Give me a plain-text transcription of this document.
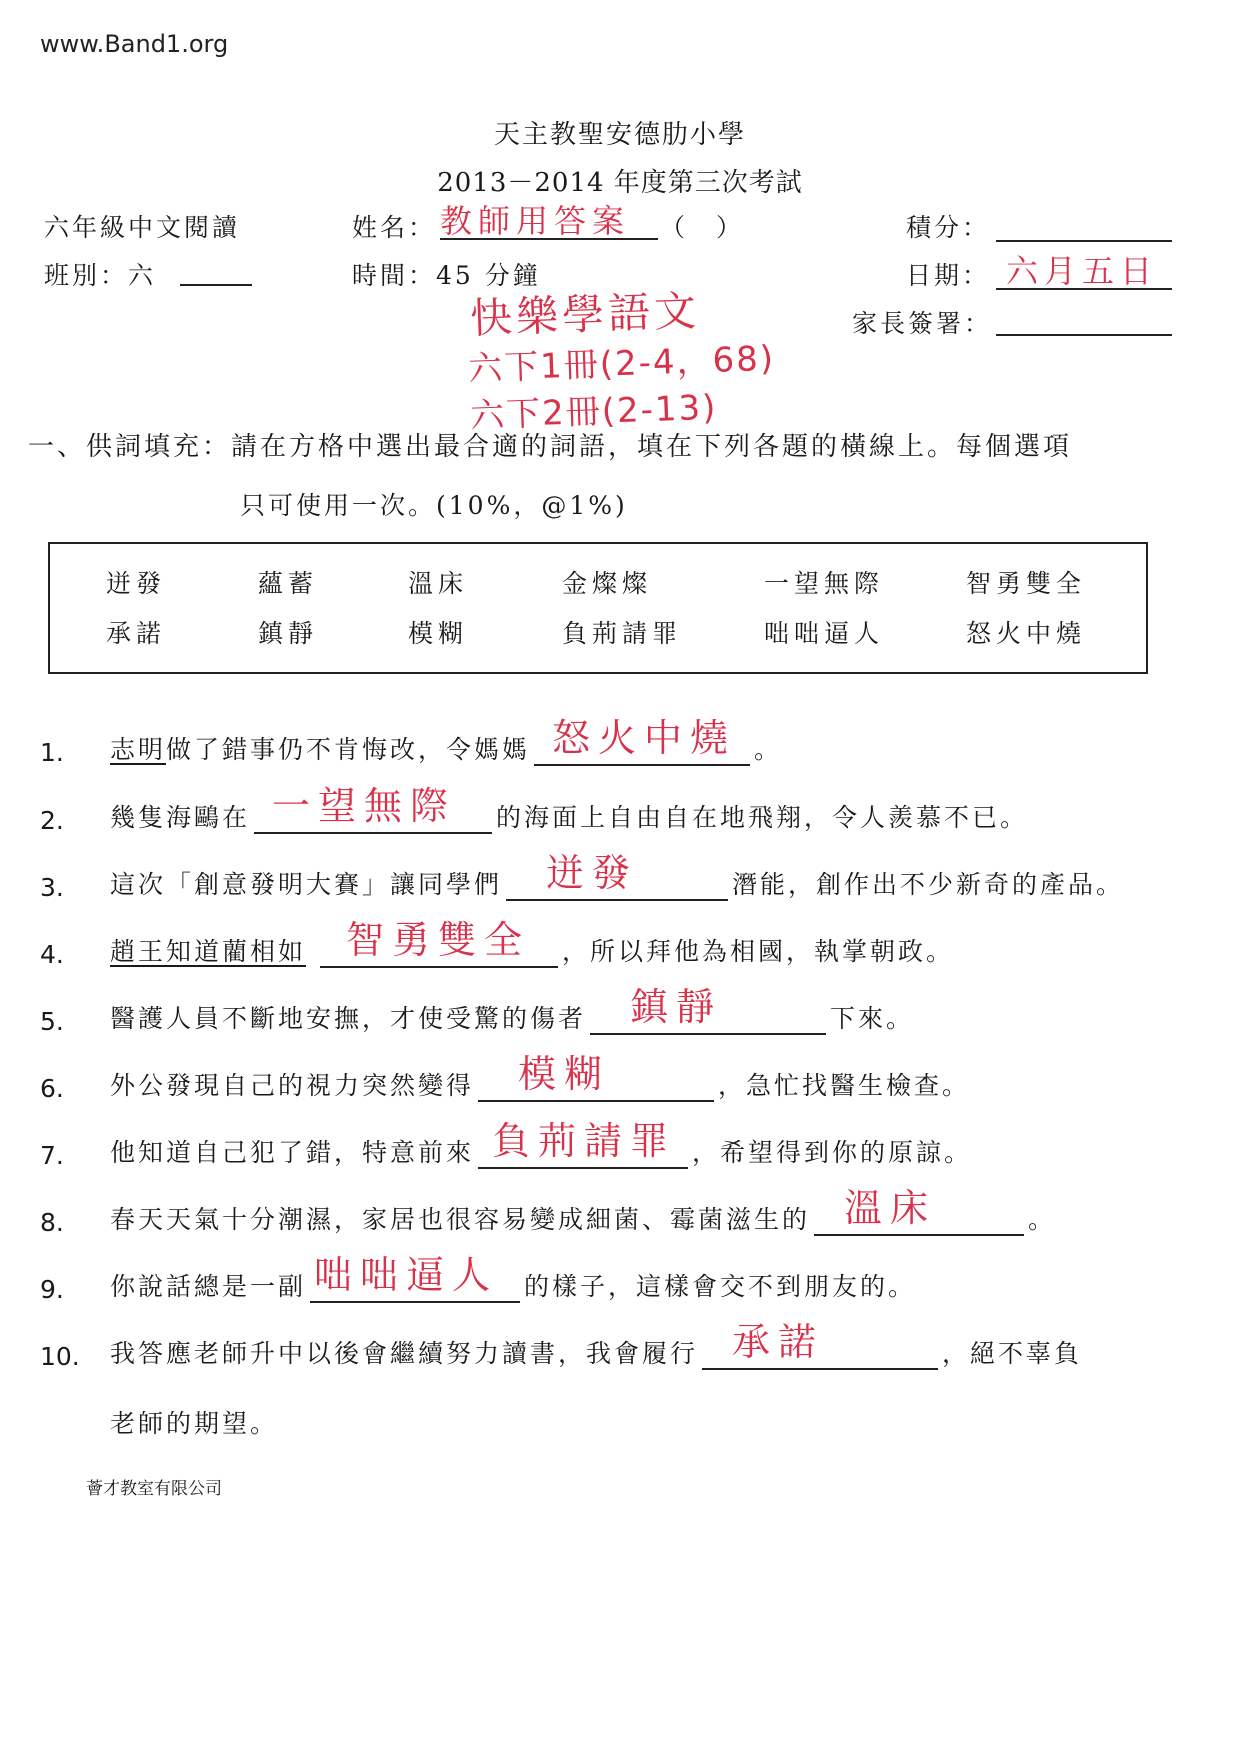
www.Band1.org
天主教聖安德肋小學
2013－2014 年度第三次考試
六年級中文閱讀
班別：六
姓名： 教師用答案 （　）
時間：45 分鐘
積分：
日期： 六月五日
家長簽署：
快樂學語文
六下1冊(2-4，68)
六下2冊(2-13)
一、供詞填充：請在方格中選出最合適的詞語，填在下列各題的橫線上。每個選項
只可使用一次。(10%，@1%)
迸發	蘊蓄	溫床	金燦燦	一望無際	智勇雙全
承諾	鎮靜	模糊	負荊請罪	咄咄逼人	怒火中燒
1. 志明 做了錯事仍不肯悔改，令媽媽 怒火中燒 。
2. 幾隻海鷗在 一望無際 的海面上自由自在地飛翔，令人羨慕不已。
3. 這次「創意發明大賽」讓同學們 迸發	潛能，創作出不少新奇的產品。
4. 趙王知道藺相如 智勇雙全 ，所以拜他為相國，執掌朝政。
5. 醫護人員不斷地安撫，才使受驚的傷者 鎮靜	下來。
6. 外公發現自己的視力突然變得 模糊	，急忙找醫生檢查。
7. 他知道自己犯了錯，特意前來 負荊請罪 ，希望得到你的原諒。
8. 春天天氣十分潮濕，家居也很容易變成細菌、霉菌滋生的 溫床	。
9. 你說話總是一副 咄咄逼人 的樣子，這樣會交不到朋友的。
10. 我答應老師升中以後會繼續努力讀書，我會履行 承諾	，絕不辜負
老師的期望。
薈才教室有限公司
